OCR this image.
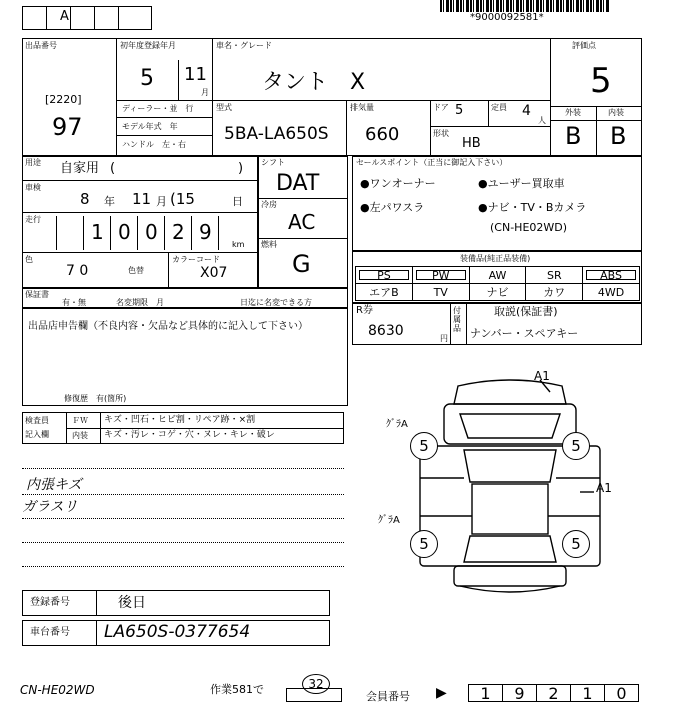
A	*9000092581*
出品番号
[2220]
97
初年度登録年月
5 11
月
車名・グレード
タント　X
評価点
5
ディーラー・並　行
モデル年式　年
ハンドル　左・右
型式
5BA-LA650S
排気量
660
ドア 5	定員 4
人
形状
HB
外装	内装
B B
用途 自家用 (	)
車検
8 年 11 月 (15	日
走行
1 0 0 2 9
km
色
7 0	色替
カラーコード
X07
シフト
DAT
冷房
AC
燃料
G
セールスポイント（正当に御記入下さい）
●ワンオーナー	●ユーザー買取車
●左パワスラ	●ナビ・TV・Bカメラ
(CN-HE02WD)
装備品(純正品装備)
PS	PW	AW	SR	ABS
エアB	TV	ナビ	カワ	4WD
保証書
有・無	名変期限　月	日迄に名変できる方
R券
8630	円
付属品
取説(保証書)
ナンバー・スペアキー
出品店申告欄（不良内容・欠品など具体的に記入して下さい）
修復歴　有(箇所)
検査員
記入欄
ＦＷ キズ・凹石・ヒビ割・リペア跡・×割
内装 キズ・汚レ・コゲ・穴・ヌレ・キレ・破レ
内張キズ
ガラスリ
A1
A1
ｸﾞﾗA
ｸﾞﾗA
5	5
5	5
登録番号	後日
車台番号 LA650S-0377654
CN-HE02WD	作業581で	32
会員番号 ▶	1	9	2	1	0
